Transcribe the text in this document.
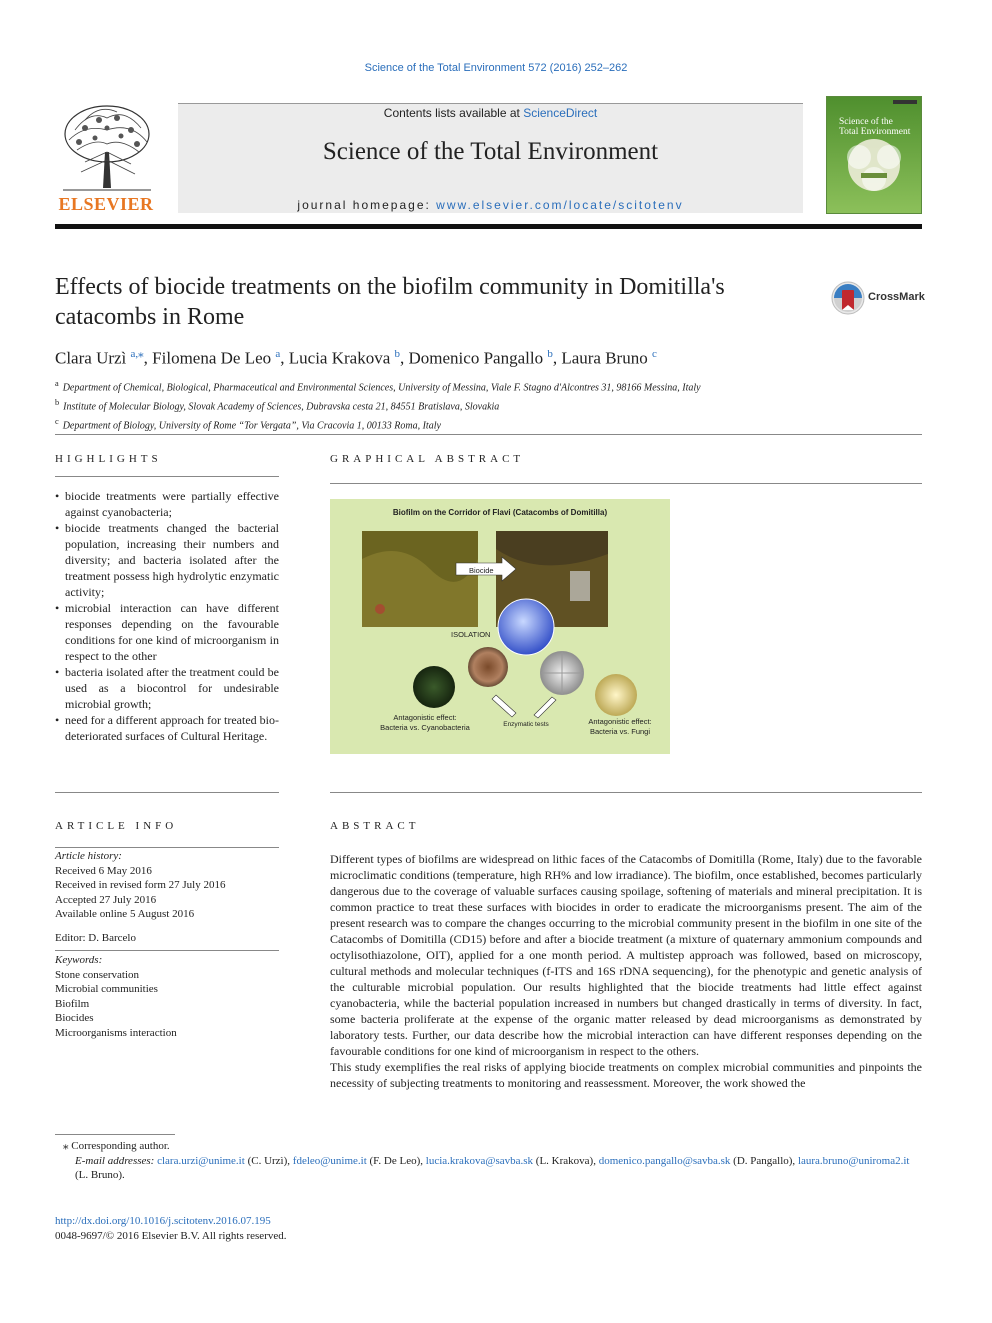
Science of the Total Environment 572 (2016) 252–262
Contents lists available at ScienceDirect
Science of the Total Environment
journal homepage: www.elsevier.com/locate/scitotenv
ELSEVIER
Science of the Total Environment
Effects of biocide treatments on the biofilm community in Domitilla's catacombs in Rome
CrossMark
Clara Urzì $^{a,⁎}$, Filomena De Leo $^a$, Lucia Krakova $^b$, Domenico Pangallo $^b$, Laura Bruno $^c$
$^a$ Department of Chemical, Biological, Pharmaceutical and Environmental Sciences, University of Messina, Viale F. Stagno d'Alcontres 31, 98166 Messina, Italy
$^b$ Institute of Molecular Biology, Slovak Academy of Sciences, Dubravska cesta 21, 84551 Bratislava, Slovakia
$^c$ Department of Biology, University of Rome “Tor Vergata”, Via Cracovia 1, 00133 Roma, Italy
HIGHLIGHTS
• biocide treatments were partially effective against cyanobacteria;
• biocide treatments changed the bacterial population, increasing their numbers and diversity; and bacteria isolated after the treatment possess high hydrolytic enzymatic activity;
• microbial interaction can have different responses depending on the favourable conditions for one kind of microorganism in respect to the other
• bacteria isolated after the treatment could be used as a biocontrol for undesirable microbial growth;
• need for a different approach for treated bio-deteriorated surfaces of Cultural Heritage.
GRAPHICAL ABSTRACT
Biofilm on the Corridor of Flavi (Catacombs of Domitilla)
Biocide
ISOLATION
Antagonistic effect:
Bacteria vs. Cyanobacteria	Enzymatic tests	Antagonistic effect:
Bacteria vs. Fungi
ARTICLE INFO
Article history:
Received 6 May 2016
Received in revised form 27 July 2016
Accepted 27 July 2016
Available online 5 August 2016
Editor: D. Barcelo
Keywords:
Stone conservation
Microbial communities
Biofilm
Biocides
Microorganisms interaction
ABSTRACT

Different types of biofilms are widespread on lithic faces of the Catacombs of Domitilla (Rome, Italy) due to the favorable microclimatic conditions (temperature, high RH% and low irradiance). The biofilm, once established, becomes particularly dangerous due to the coverage of valuable surfaces causing spoilage, softening of materials and mineral precipitation. It is common practice to treat these surfaces with biocides in order to eradicate the microorganisms present. The aim of the present research was to compare the changes occurring to the microbial community present in the biofilm in one site of the Catacombs of Domitilla (CD15) before and after a biocide treatment (a mixture of quaternary ammonium compounds and octylisothiazolone, OIT), applied for a one month period. A multistep approach was followed, based on microscopy, cultural methods and molecular techniques (f-ITS and 16S rDNA sequencing), for the phenotypic and genetic analysis of the culturable microbial population. Our results highlighted that the biocide treatments had little effect against cyanobacteria, while the bacterial population increased in numbers but changed drastically in terms of diversity. In fact, some bacteria proliferate at the expense of the organic matter released by dead microorganisms as demonstrated by laboratory tests. Further, our data describe how the microbial interaction can have different responses depending on the favourable conditions for one kind of microorganism in respect to the others.

This study exemplifies the real risks of applying biocide treatments on complex microbial communities and pinpoints the necessity of subjecting treatments to monitoring and reassessment. Moreover, the work showed the

⁎ Corresponding author.
E-mail addresses: clara.urzi@unime.it (C. Urzì), fdeleo@unime.it (F. De Leo), lucia.krakova@savba.sk (L. Krakova), domenico.pangallo@savba.sk (D. Pangallo), laura.bruno@uniroma2.it (L. Bruno).
http://dx.doi.org/10.1016/j.scitotenv.2016.07.195
0048-9697/© 2016 Elsevier B.V. All rights reserved.
